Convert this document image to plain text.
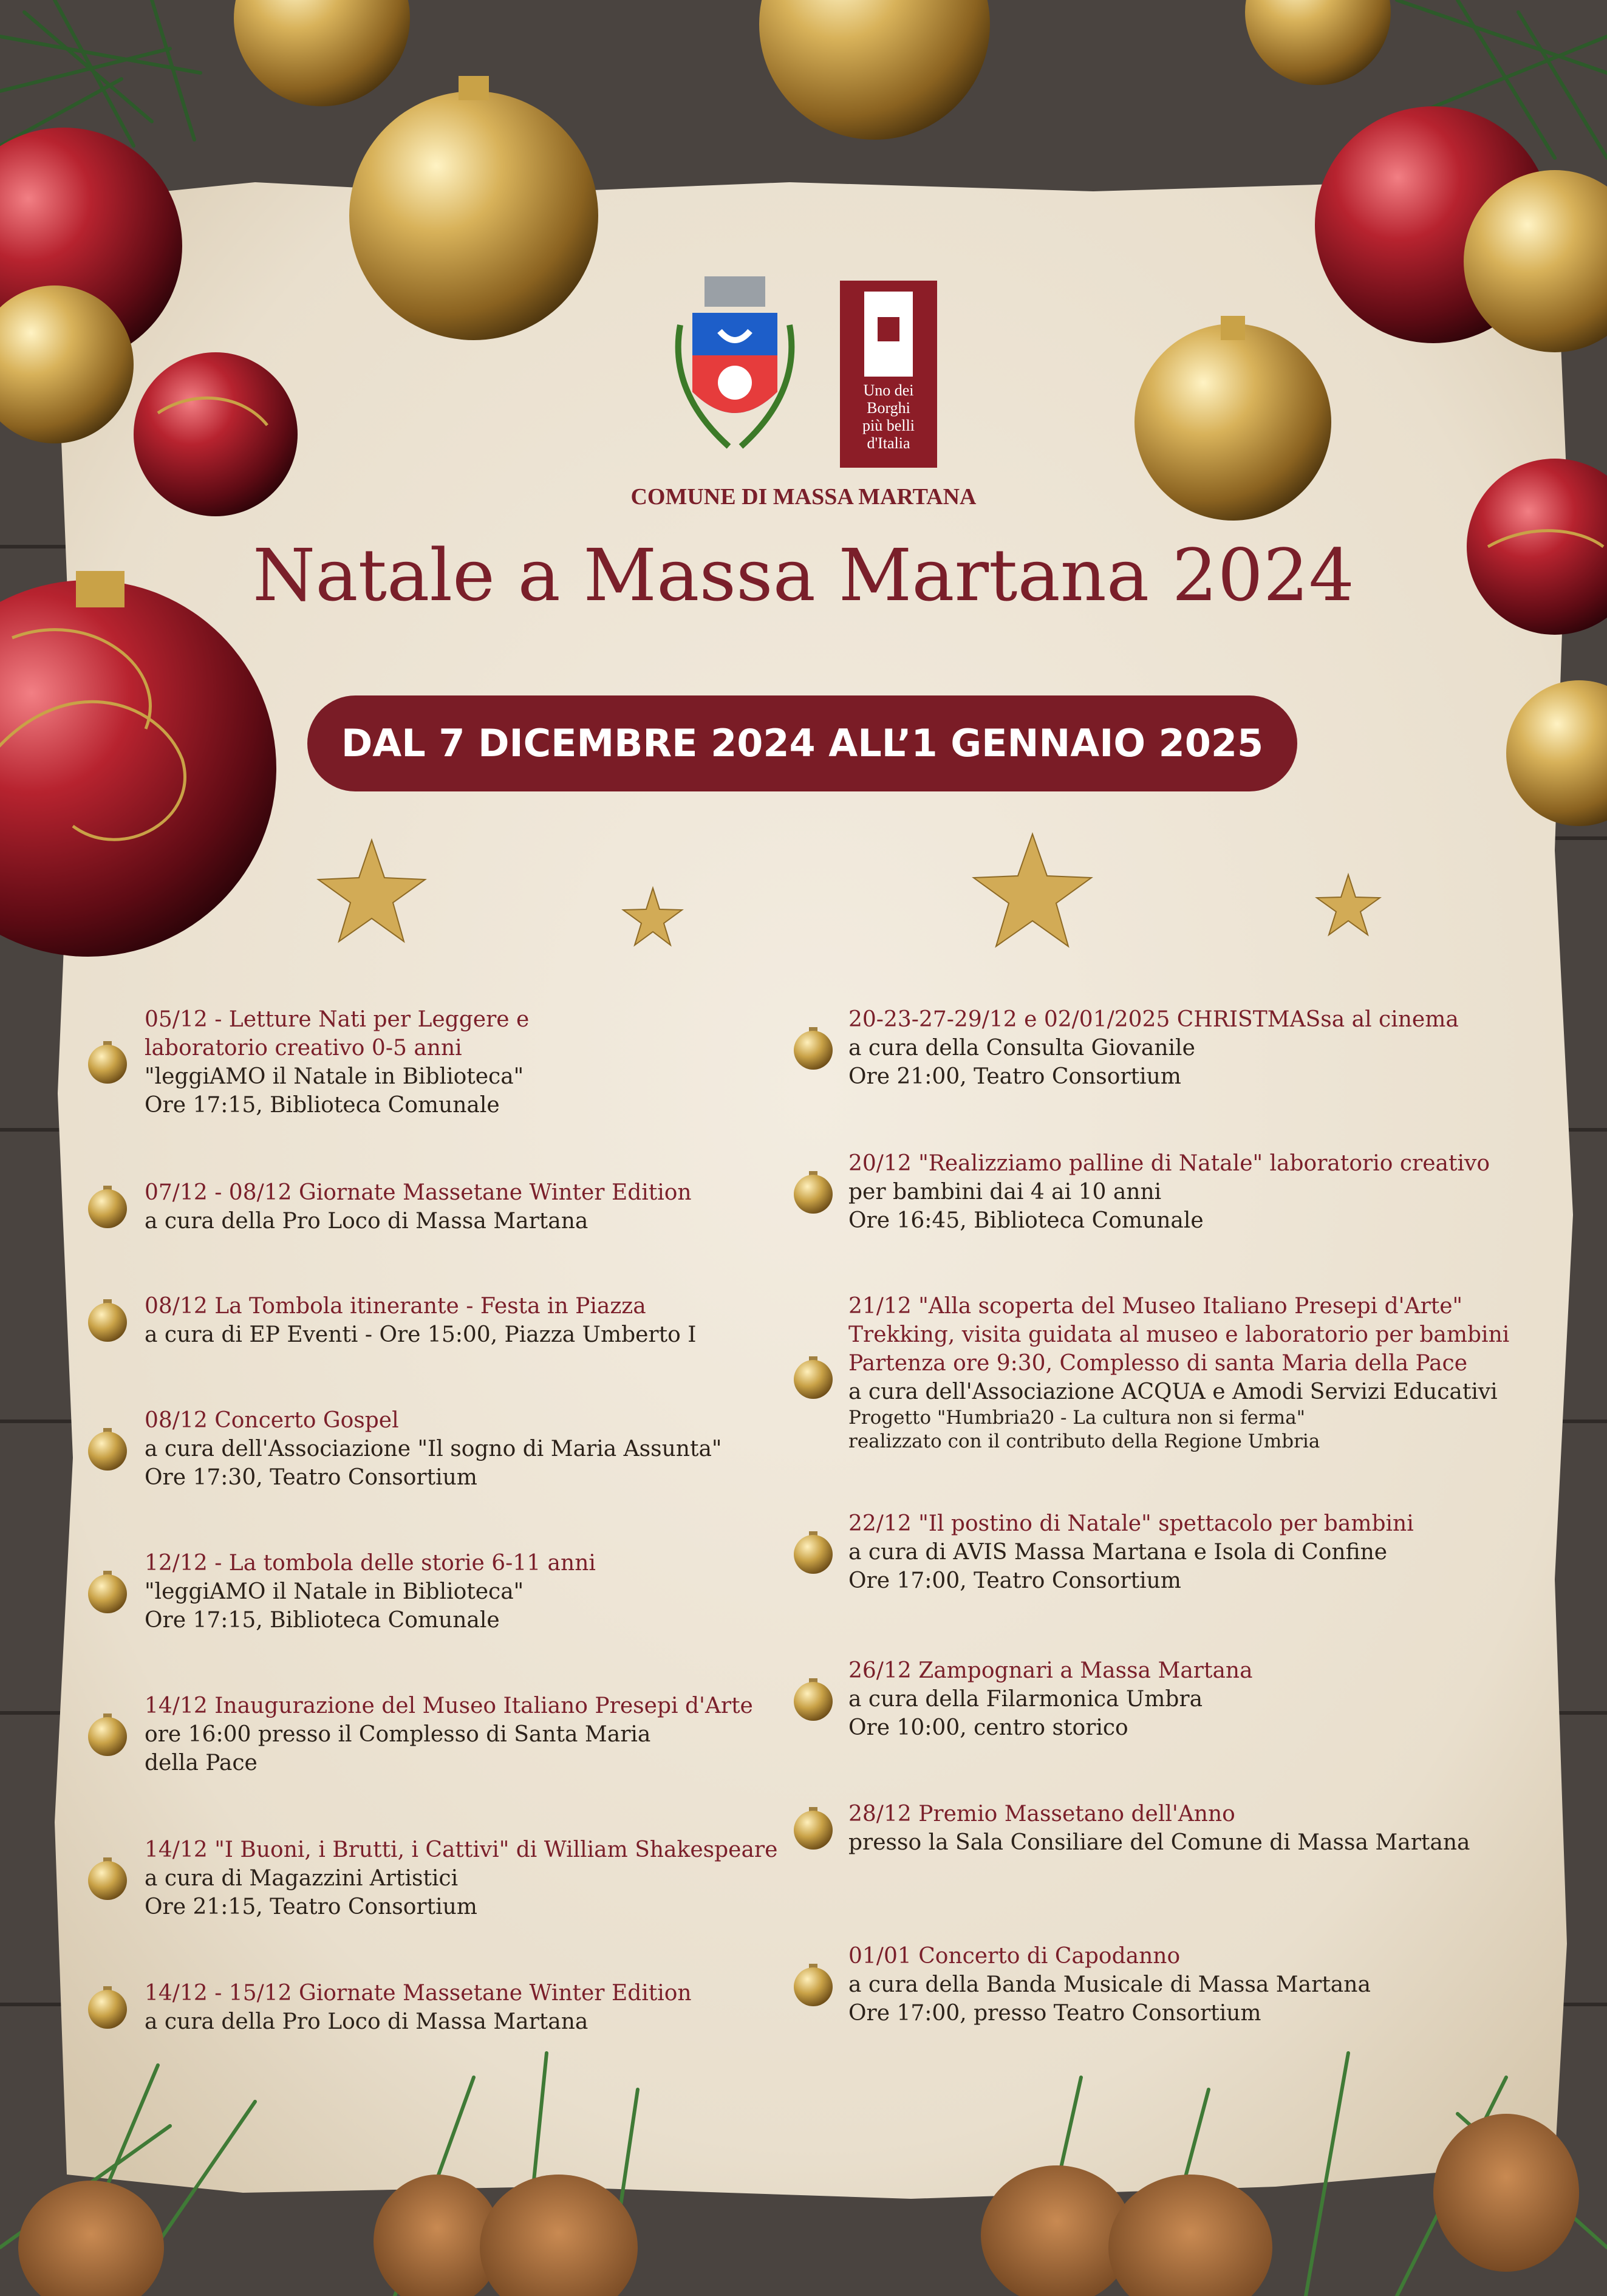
Uno dei
Borghi
più belli
d'Italia
COMUNE DI MASSA MARTANA
Natale a Massa Martana 2024
DAL 7 DICEMBRE 2024 ALL’1 GENNAIO 2025
05/12 - Letture Nati per Leggere e
laboratorio creativo 0-5 anni
"leggiAMO il Natale in Biblioteca"
Ore 17:15, Biblioteca Comunale
07/12 - 08/12 Giornate Massetane Winter Edition
a cura della Pro Loco di Massa Martana
08/12 La Tombola itinerante - Festa in Piazza
a cura di EP Eventi - Ore 15:00, Piazza Umberto I
08/12 Concerto Gospel
a cura dell'Associazione "Il sogno di Maria Assunta"
Ore 17:30, Teatro Consortium
12/12 - La tombola delle storie 6-11 anni
"leggiAMO il Natale in Biblioteca"
Ore 17:15, Biblioteca Comunale
14/12 Inaugurazione del Museo Italiano Presepi d'Arte
ore 16:00 presso il Complesso di Santa Maria
della Pace
14/12 "I Buoni, i Brutti, i Cattivi" di William Shakespeare
a cura di Magazzini Artistici
Ore 21:15, Teatro Consortium
14/12 - 15/12 Giornate Massetane Winter Edition
a cura della Pro Loco di Massa Martana
20-23-27-29/12 e 02/01/2025 CHRISTMASsa al cinema
a cura della Consulta Giovanile
Ore 21:00, Teatro Consortium
20/12 "Realizziamo palline di Natale" laboratorio creativo
per bambini dai 4 ai 10 anni
Ore 16:45, Biblioteca Comunale
21/12 "Alla scoperta del Museo Italiano Presepi d'Arte"
Trekking, visita guidata al museo e laboratorio per bambini
Partenza ore 9:30, Complesso di santa Maria della Pace
a cura dell'Associazione ACQUA e Amodi Servizi Educativi
Progetto "Humbria20 - La cultura non si ferma"
realizzato con il contributo della Regione Umbria
22/12 "Il postino di Natale" spettacolo per bambini
a cura di AVIS Massa Martana e Isola di Confine
Ore 17:00, Teatro Consortium
26/12 Zampognari a Massa Martana
a cura della Filarmonica Umbra
Ore 10:00, centro storico
28/12 Premio Massetano dell'Anno
presso la Sala Consiliare del Comune di Massa Martana
01/01 Concerto di Capodanno
a cura della Banda Musicale di Massa Martana
Ore 17:00, presso Teatro Consortium
